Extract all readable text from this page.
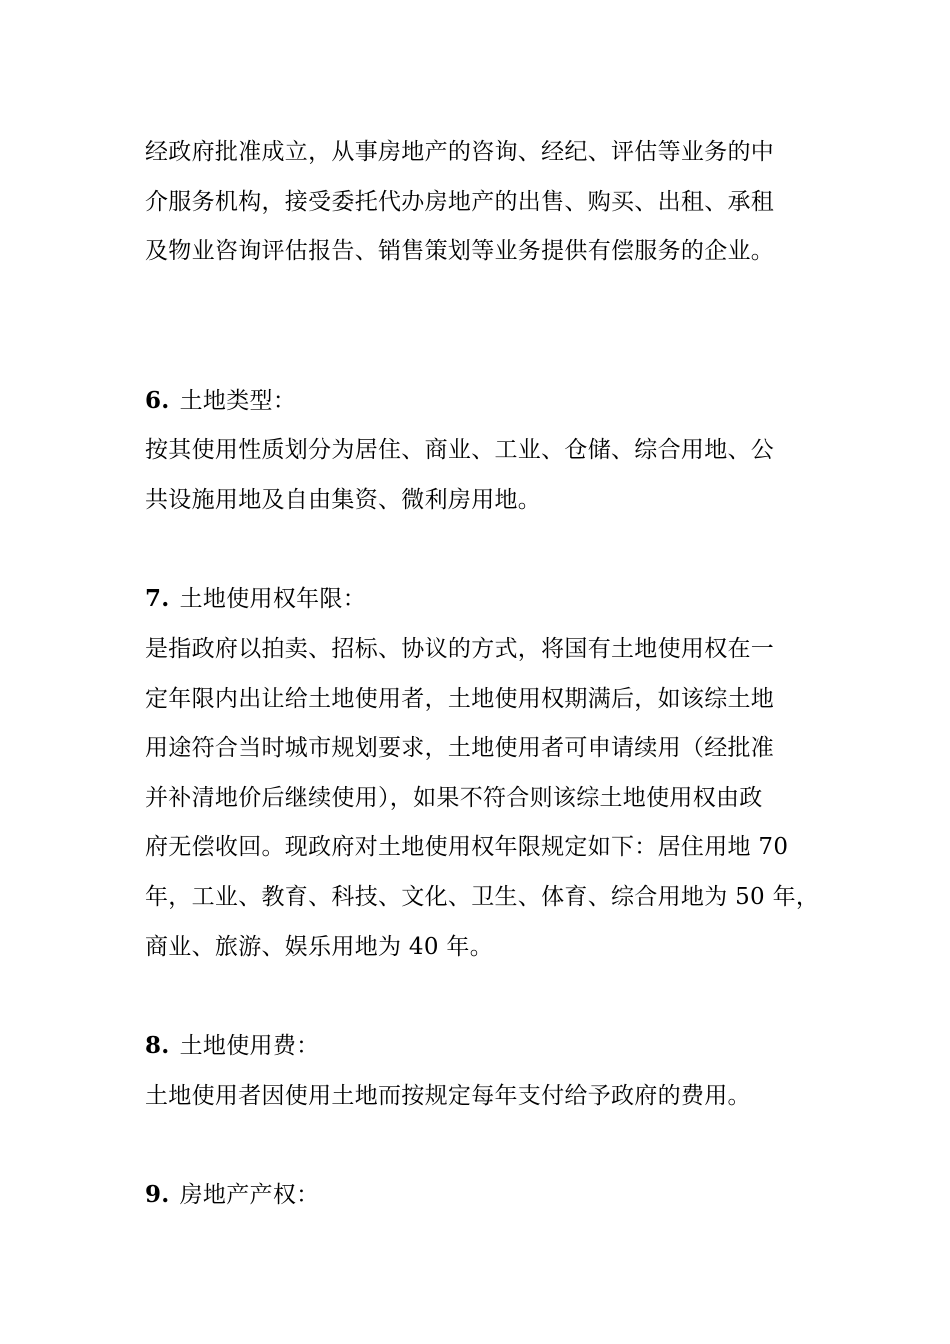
经政府批准成立，从事房地产的咨询、经纪、评估等业务的中
介服务机构，接受委托代办房地产的出售、购买、出租、承租
及物业咨询评估报告、销售策划等业务提供有偿服务的企业。
6. 土地类型：
按其使用性质划分为居住、商业、工业、仓储、综合用地、公
共设施用地及自由集资、微利房用地。
7. 土地使用权年限：
是指政府以拍卖、招标、协议的方式，将国有土地使用权在一
定年限内出让给土地使用者，土地使用权期满后，如该综土地
用途符合当时城市规划要求，土地使用者可申请续用（经批准
并补清地价后继续使用），如果不符合则该综土地使用权由政
府无偿收回。现政府对土地使用权年限规定如下：居住用地 70
年，工业、教育、科技、文化、卫生、体育、综合用地为 50 年，
商业、旅游、娱乐用地为 40 年。
8. 土地使用费：
土地使用者因使用土地而按规定每年支付给予政府的费用。
9. 房地产产权：
